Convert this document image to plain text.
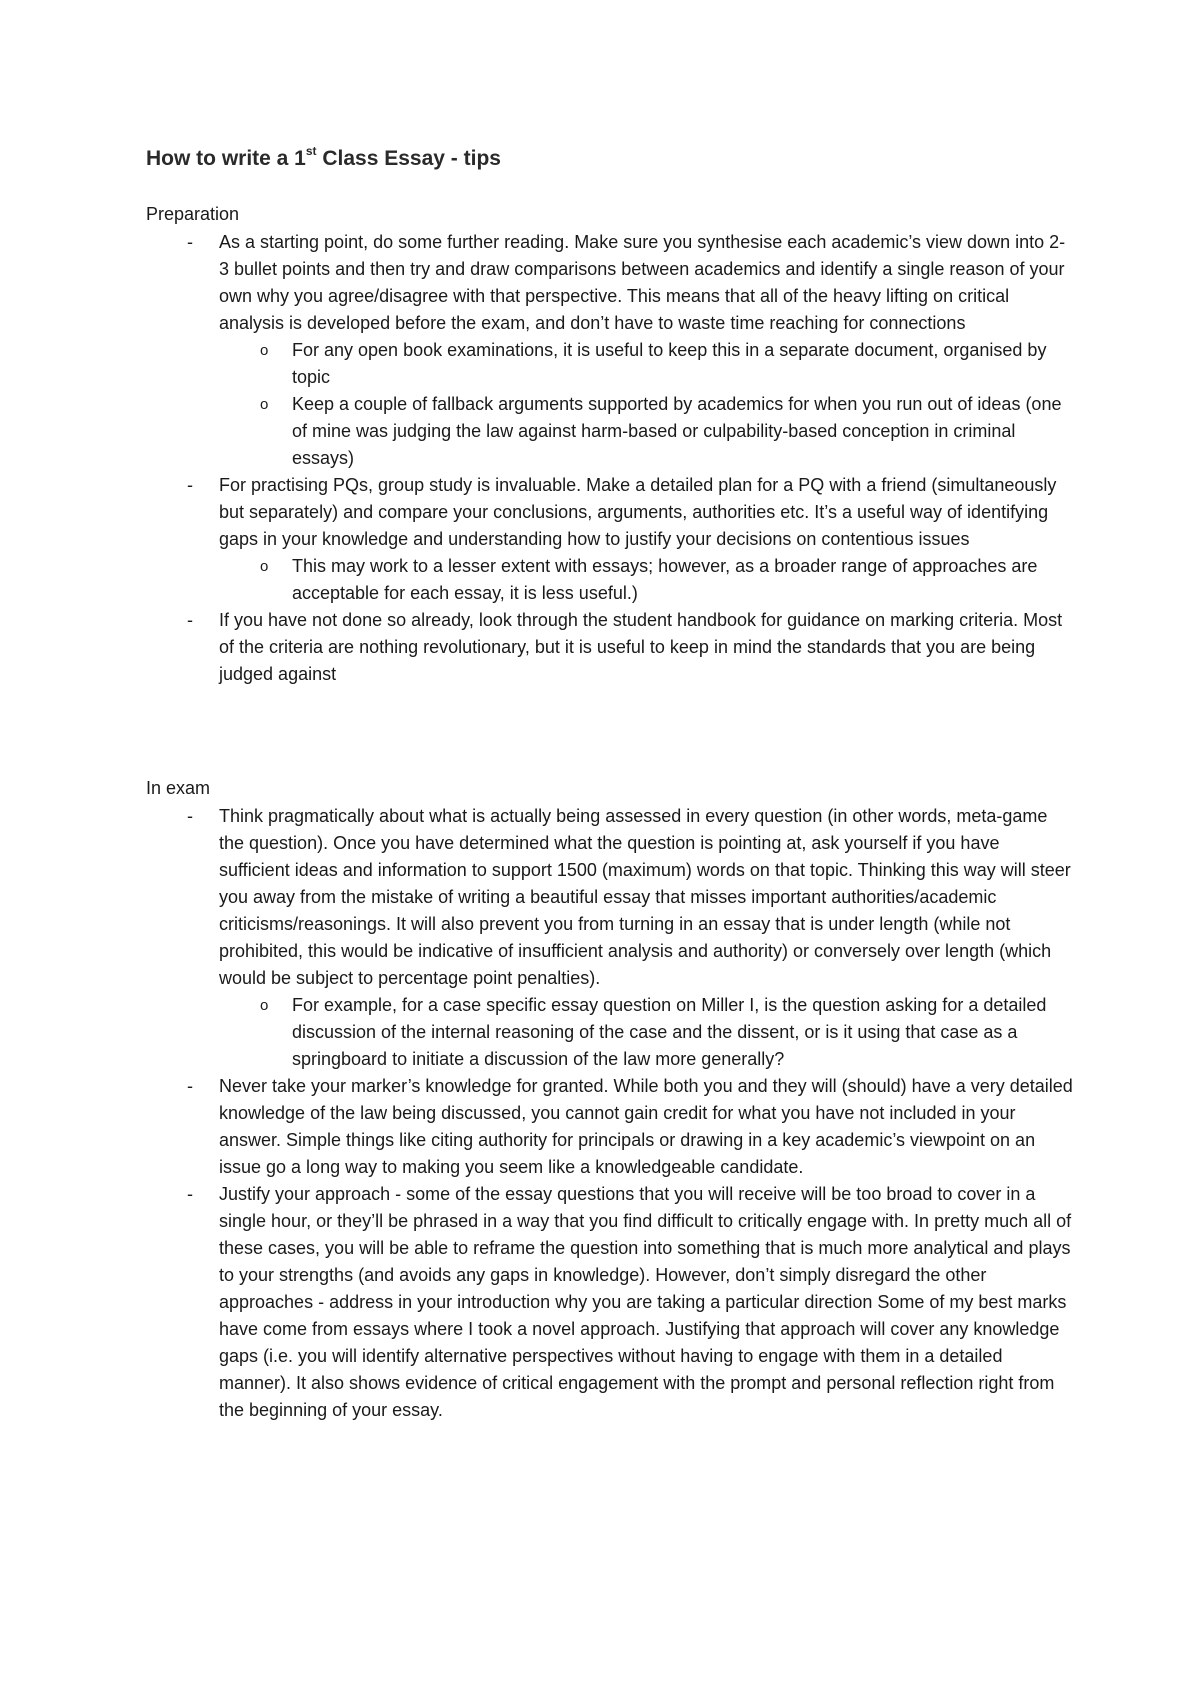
How to write a 1st Class Essay - tips
Preparation
- As a starting point, do some further reading. Make sure you synthesise each academic’s view down into 2-3 bullet points and then try and draw comparisons between academics and identify a single reason of your own why you agree/disagree with that perspective. This means that all of the heavy lifting on critical analysis is developed before the exam, and don’t have to waste time reaching for connections
o For any open book examinations, it is useful to keep this in a separate document, organised by topic
o Keep a couple of fallback arguments supported by academics for when you run out of ideas (one of mine was judging the law against harm-based or culpability-based conception in criminal essays)
- For practising PQs, group study is invaluable. Make a detailed plan for a PQ with a friend (simultaneously but separately) and compare your conclusions, arguments, authorities etc. It’s a useful way of identifying gaps in your knowledge and understanding how to justify your decisions on contentious issues
o This may work to a lesser extent with essays; however, as a broader range of approaches are acceptable for each essay, it is less useful.)
- If you have not done so already, look through the student handbook for guidance on marking criteria. Most of the criteria are nothing revolutionary, but it is useful to keep in mind the standards that you are being judged against
In exam
- Think pragmatically about what is actually being assessed in every question (in other words, meta-game the question). Once you have determined what the question is pointing at, ask yourself if you have sufficient ideas and information to support 1500 (maximum) words on that topic. Thinking this way will steer you away from the mistake of writing a beautiful essay that misses important authorities/academic criticisms/reasonings. It will also prevent you from turning in an essay that is under length (while not prohibited, this would be indicative of insufficient analysis and authority) or conversely over length (which would be subject to percentage point penalties).
o For example, for a case specific essay question on Miller I, is the question asking for a detailed discussion of the internal reasoning of the case and the dissent, or is it using that case as a springboard to initiate a discussion of the law more generally?
- Never take your marker’s knowledge for granted. While both you and they will (should) have a very detailed knowledge of the law being discussed, you cannot gain credit for what you have not included in your answer. Simple things like citing authority for principals or drawing in a key academic’s viewpoint on an issue go a long way to making you seem like a knowledgeable candidate.
- Justify your approach - some of the essay questions that you will receive will be too broad to cover in a single hour, or they’ll be phrased in a way that you find difficult to critically engage with. In pretty much all of these cases, you will be able to reframe the question into something that is much more analytical and plays to your strengths (and avoids any gaps in knowledge). However, don’t simply disregard the other approaches - address in your introduction why you are taking a particular direction Some of my best marks have come from essays where I took a novel approach. Justifying that approach will cover any knowledge gaps (i.e. you will identify alternative perspectives without having to engage with them in a detailed manner). It also shows evidence of critical engagement with the prompt and personal reflection right from the beginning of your essay.
